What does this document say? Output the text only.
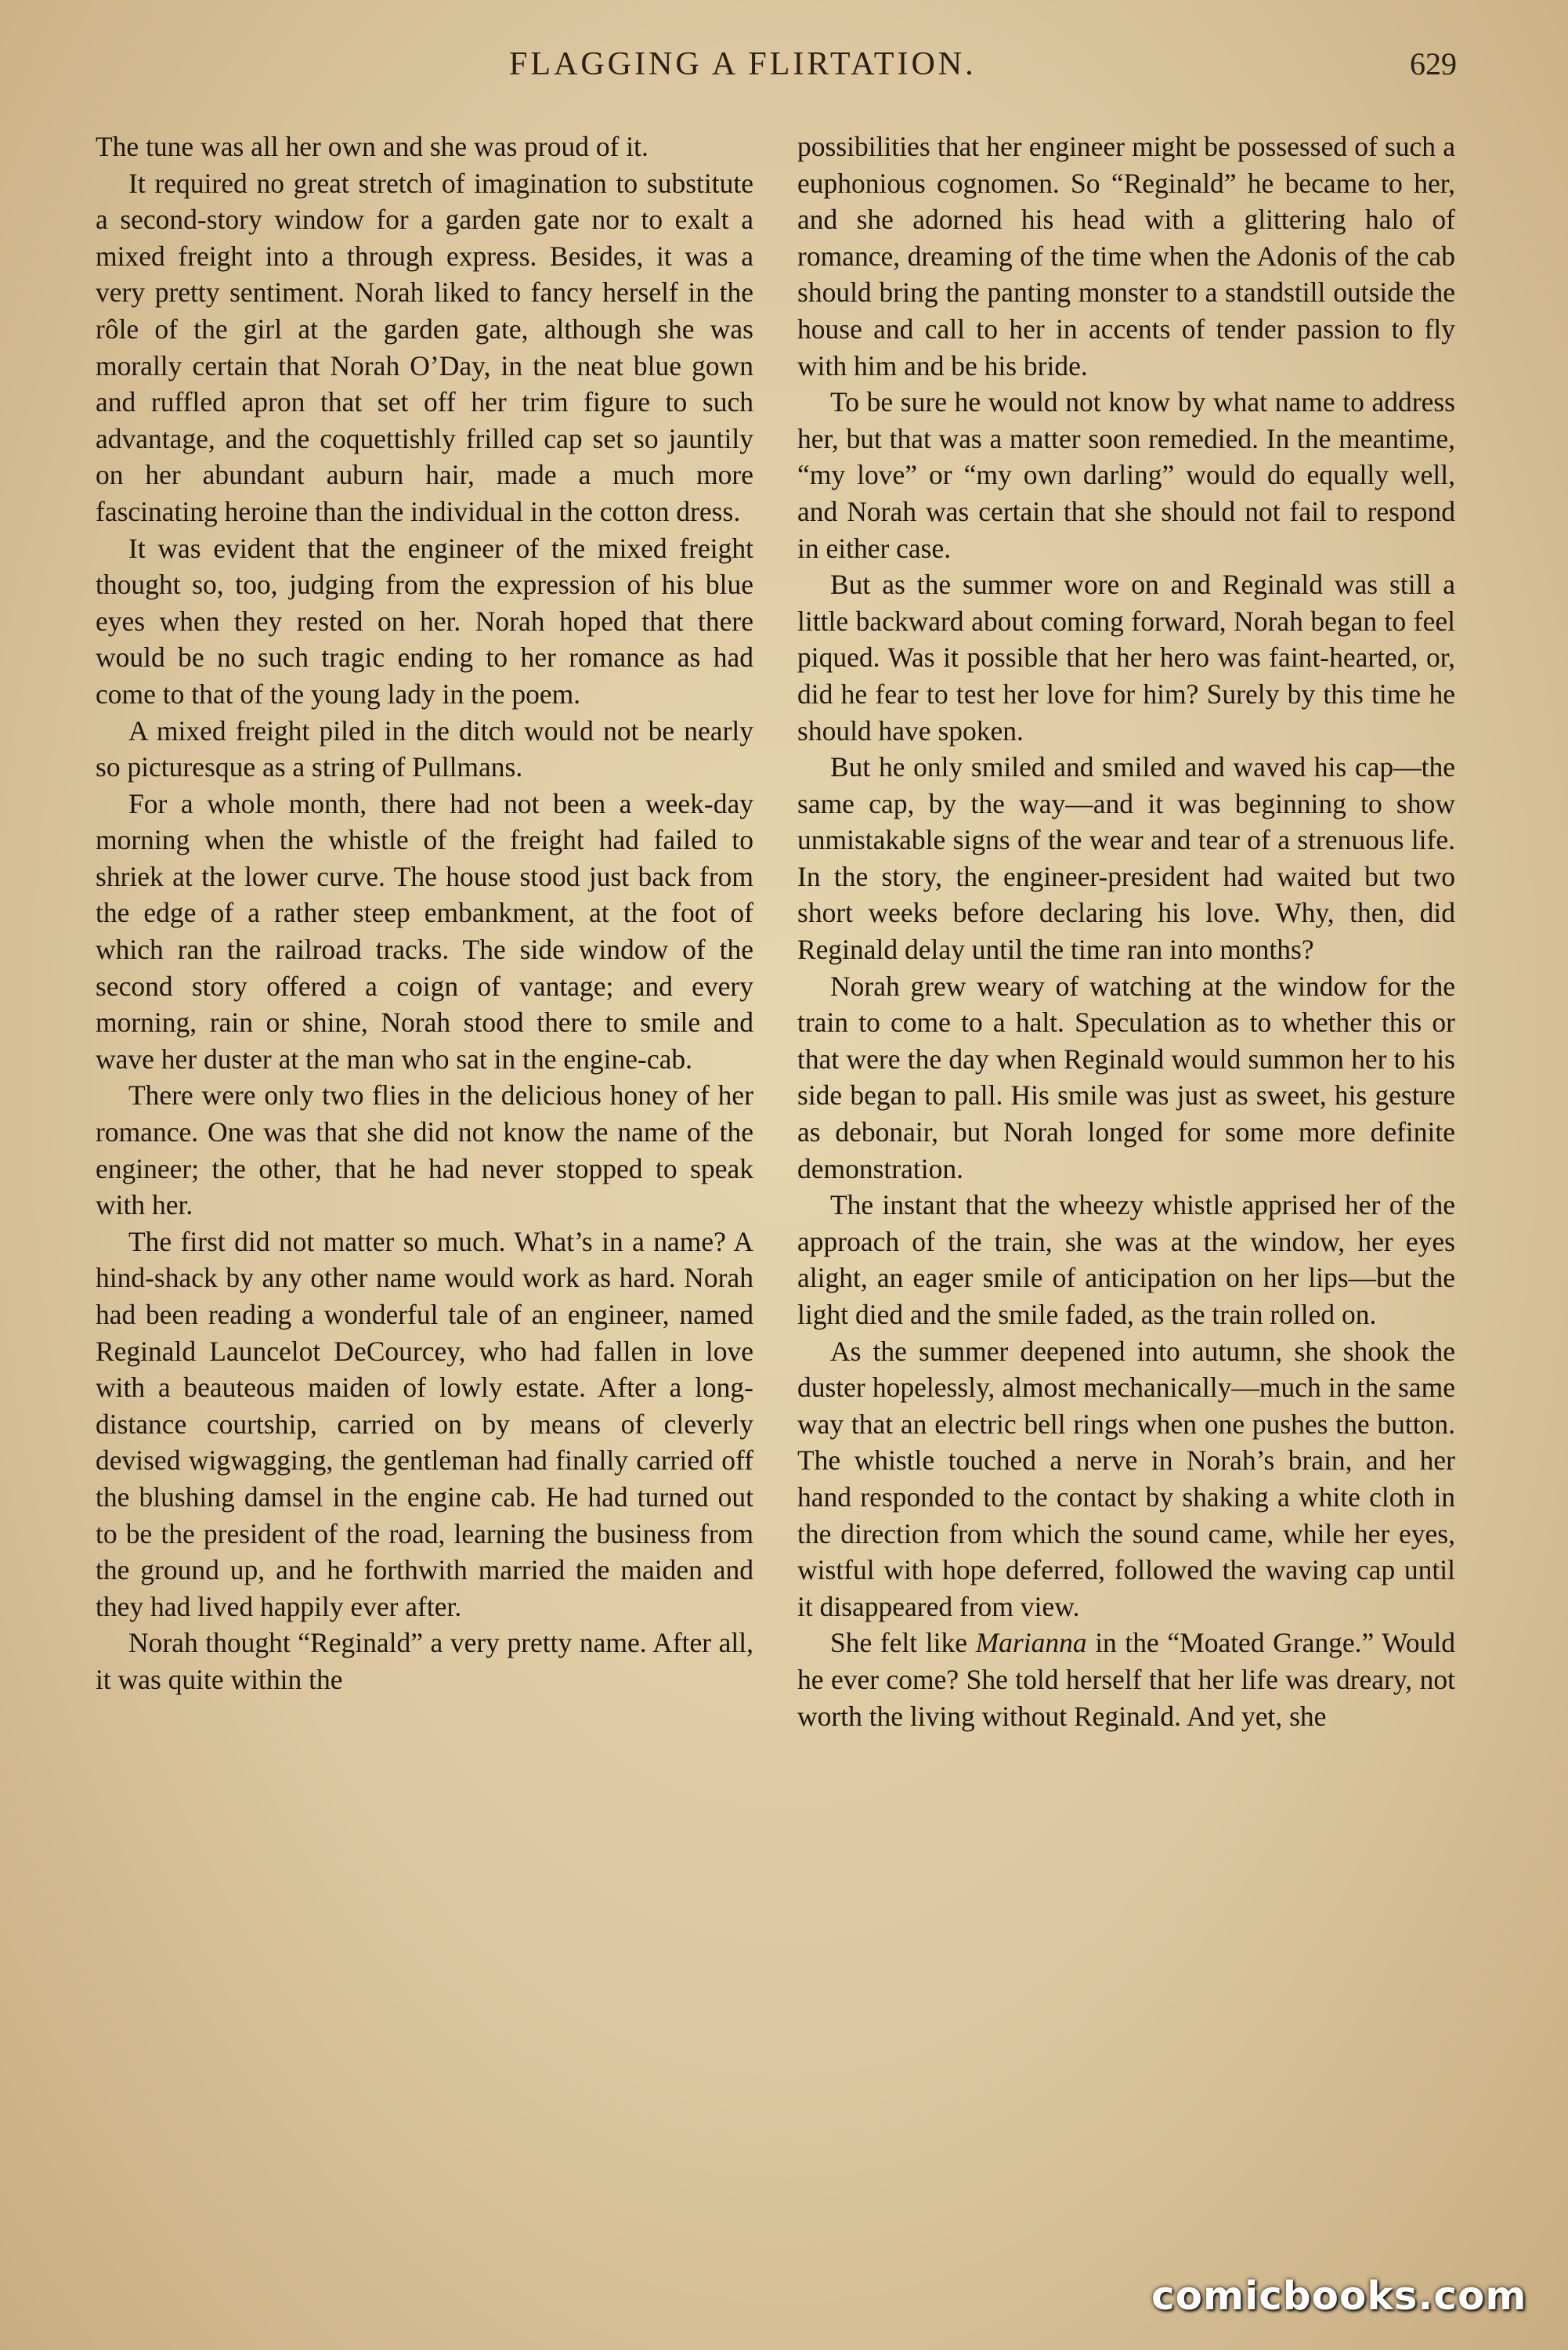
FLAGGING A FLIRTATION.	629

The tune was all her own and she was proud of it.

It required no great stretch of imagination to substitute a second-story window for a garden gate nor to exalt a mixed freight into a through express. Besides, it was a very pretty sentiment. Norah liked to fancy herself in the rôle of the girl at the garden gate, although she was morally certain that Norah O’Day, in the neat blue gown and ruffled apron that set off her trim figure to such advantage, and the coquettishly frilled cap set so jauntily on her abundant auburn hair, made a much more fascinating heroine than the individual in the cotton dress.

It was evident that the engineer of the mixed freight thought so, too, judging from the expression of his blue eyes when they rested on her. Norah hoped that there would be no such tragic ending to her romance as had come to that of the young lady in the poem.

A mixed freight piled in the ditch would not be nearly so picturesque as a string of Pullmans.

For a whole month, there had not been a week-day morning when the whistle of the freight had failed to shriek at the lower curve. The house stood just back from the edge of a rather steep embankment, at the foot of which ran the railroad tracks. The side window of the second story offered a coign of vantage; and every morning, rain or shine, Norah stood there to smile and wave her duster at the man who sat in the engine-cab.

There were only two flies in the delicious honey of her romance. One was that she did not know the name of the engineer; the other, that he had never stopped to speak with her.

The first did not matter so much. What’s in a name? A hind-shack by any other name would work as hard. Norah had been reading a wonderful tale of an engineer, named Reginald Launcelot DeCourcey, who had fallen in love with a beauteous maiden of lowly estate. After a long-distance courtship, carried on by means of cleverly devised wigwagging, the gentleman had finally carried off the blushing damsel in the engine cab. He had turned out to be the president of the road, learning the business from the ground up, and he forthwith married the maiden and they had lived happily ever after.

Norah thought “Reginald” a very pretty name. After all, it was quite within the

possibilities that her engineer might be possessed of such a euphonious cognomen. So “Reginald” he became to her, and she adorned his head with a glittering halo of romance, dreaming of the time when the Adonis of the cab should bring the panting monster to a standstill outside the house and call to her in accents of tender passion to fly with him and be his bride.

To be sure he would not know by what name to address her, but that was a matter soon remedied. In the meantime, “my love” or “my own darling” would do equally well, and Norah was certain that she should not fail to respond in either case.

But as the summer wore on and Reginald was still a little backward about coming forward, Norah began to feel piqued. Was it possible that her hero was faint-hearted, or, did he fear to test her love for him? Surely by this time he should have spoken.

But he only smiled and smiled and waved his cap—the same cap, by the way—and it was beginning to show unmistakable signs of the wear and tear of a strenuous life. In the story, the engineer-president had waited but two short weeks before declaring his love. Why, then, did Reginald delay until the time ran into months?

Norah grew weary of watching at the window for the train to come to a halt. Speculation as to whether this or that were the day when Reginald would summon her to his side began to pall. His smile was just as sweet, his gesture as debonair, but Norah longed for some more definite demonstration.

The instant that the wheezy whistle apprised her of the approach of the train, she was at the window, her eyes alight, an eager smile of anticipation on her lips—but the light died and the smile faded, as the train rolled on.

As the summer deepened into autumn, she shook the duster hopelessly, almost mechanically—much in the same way that an electric bell rings when one pushes the button. The whistle touched a nerve in Norah’s brain, and her hand responded to the contact by shaking a white cloth in the direction from which the sound came, while her eyes, wistful with hope deferred, followed the waving cap until it disappeared from view.

She felt like Marianna in the “Moated Grange.” Would he ever come? She told herself that her life was dreary, not worth the living without Reginald. And yet, she

comicbooks.com
